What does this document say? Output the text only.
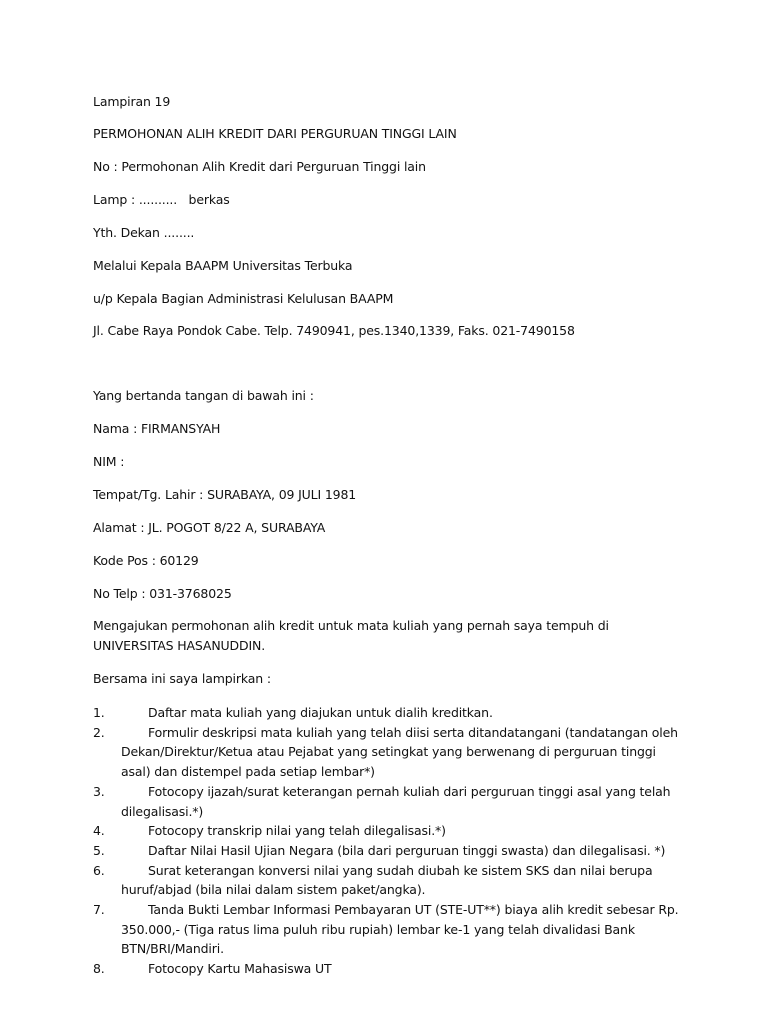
Lampiran 19
PERMOHONAN ALIH KREDIT DARI PERGURUAN TINGGI LAIN
No : Permohonan Alih Kredit dari Perguruan Tinggi lain
Lamp : ..........   berkas
Yth. Dekan ........
Melalui Kepala BAAPM Universitas Terbuka
u/p Kepala Bagian Administrasi Kelulusan BAAPM
Jl. Cabe Raya Pondok Cabe. Telp. 7490941, pes.1340,1339, Faks. 021-7490158
Yang bertanda tangan di bawah ini :
Nama : FIRMANSYAH
NIM :
Tempat/Tg. Lahir : SURABAYA, 09 JULI 1981
Alamat : JL. POGOT 8/22 A, SURABAYA
Kode Pos : 60129
No Telp : 031-3768025
Mengajukan permohonan alih kredit untuk mata kuliah yang pernah saya tempuh di UNIVERSITAS HASANUDDIN.
Bersama ini saya lampirkan :
1.	Daftar mata kuliah yang diajukan untuk dialih kreditkan.
2.	Formulir deskripsi mata kuliah yang telah diisi serta ditandatangani (tandatangan oleh Dekan/Direktur/Ketua atau Pejabat yang setingkat yang berwenang di perguruan tinggi asal) dan distempel pada setiap lembar*)
3.	Fotocopy ijazah/surat keterangan pernah kuliah dari perguruan tinggi asal yang telah dilegalisasi.*)
4.	Fotocopy transkrip nilai yang telah dilegalisasi.*)
5.	Daftar Nilai Hasil Ujian Negara (bila dari perguruan tinggi swasta) dan dilegalisasi. *)
6.	Surat keterangan konversi nilai yang sudah diubah ke sistem SKS dan nilai berupa huruf/abjad (bila nilai dalam sistem paket/angka).
7.	Tanda Bukti Lembar Informasi Pembayaran UT (STE-UT**) biaya alih kredit sebesar Rp. 350.000,- (Tiga ratus lima puluh ribu rupiah) lembar ke-1 yang telah divalidasi Bank BTN/BRI/Mandiri.
8.	Fotocopy Kartu Mahasiswa UT
